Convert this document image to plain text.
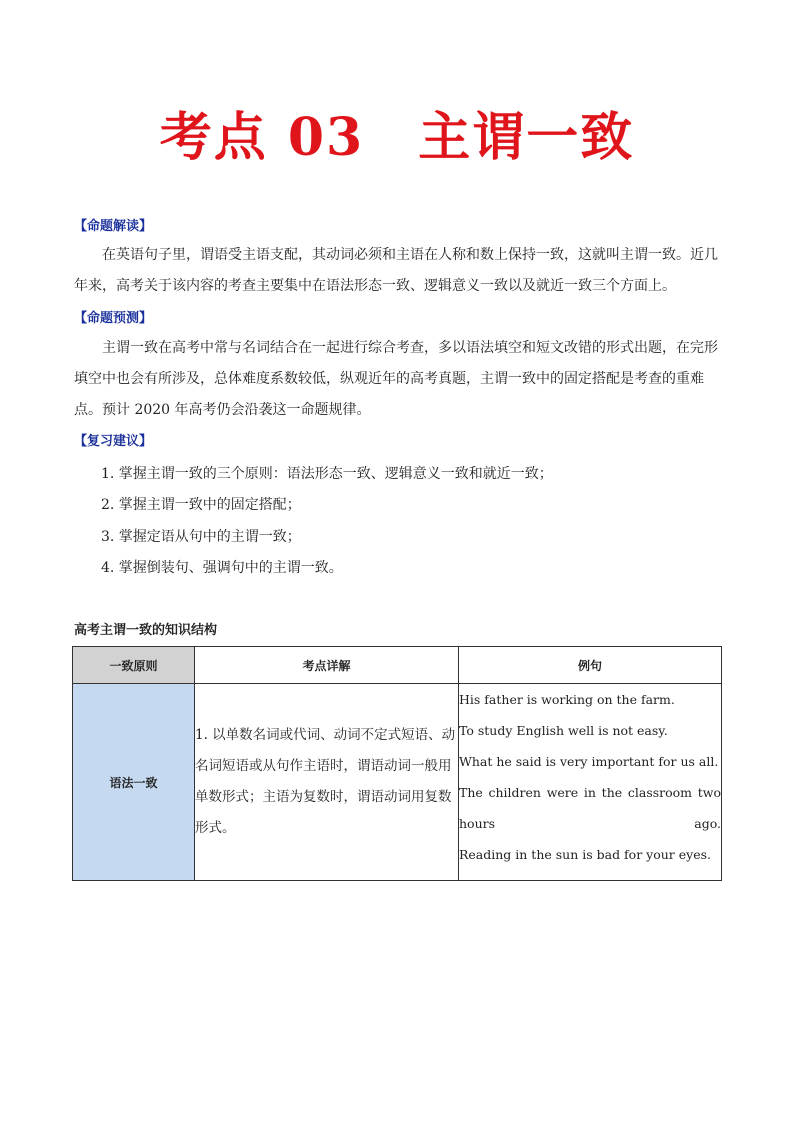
考点 03 主谓一致
【命题解读】
在英语句子里，谓语受主语支配，其动词必须和主语在人称和数上保持一致，这就叫主谓一致。近几年来，高考关于该内容的考查主要集中在语法形态一致、逻辑意义一致以及就近一致三个方面上。
【命题预测】
主谓一致在高考中常与名词结合在一起进行综合考查，多以语法填空和短文改错的形式出题，在完形填空中也会有所涉及，总体难度系数较低，纵观近年的高考真题，主谓一致中的固定搭配是考查的重难点。预计 2020 年高考仍会沿袭这一命题规律。
【复习建议】
1. 掌握主谓一致的三个原则：语法形态一致、逻辑意义一致和就近一致；
2. 掌握主谓一致中的固定搭配；
3. 掌握定语从句中的主谓一致；
4. 掌握倒装句、强调句中的主谓一致。
高考主谓一致的知识结构
一致原则	考点详解	例句
语法一致	1. 以单数名词或代词、动词不定式短语、动名词短语或从句作主语时，谓语动词一般用单数形式；主语为复数时，谓语动词用复数形式。	His father is working on the farm.
To study English well is not easy.
What he said is very important for us all.
The children were in the classroom two hours ago.
Reading in the sun is bad for your eyes.
